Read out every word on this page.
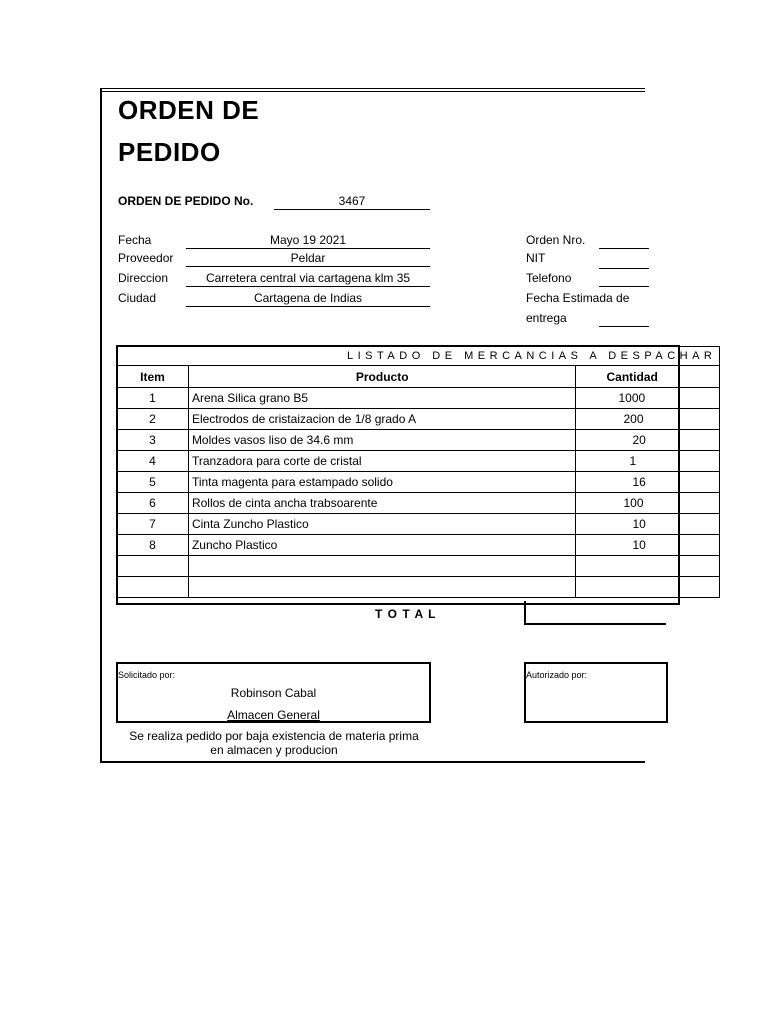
ORDEN DE
PEDIDO
ORDEN DE PEDIDO No.	3467
Fecha	Mayo 19 2021
Proveedor	Peldar
Direccion	Carretera central via cartagena klm 35
Ciudad	Cartagena de Indias
Orden Nro.
NIT
Telefono
Fecha Estimada de
entrega
LISTADO DE MERCANCIAS A DESPACHAR		
Item	Producto	Cantidad
1	Arena Silica grano B5	1000
2	Electrodos de cristaizacion de 1/8 grado A	200
3	Moldes vasos liso de 34.6 mm	20
4	Tranzadora para corte de cristal	1
5	Tinta magenta para estampado solido	16
6	Rollos de cinta ancha trabsoarente	100
7	Cinta Zuncho Plastico	10
8	Zuncho Plastico	10

T O T A L
Solicitado por:
Robinson Cabal
Almacen General
Autorizado por:
Se realiza pedido por baja existencia de materia prima
en almacen y producion
